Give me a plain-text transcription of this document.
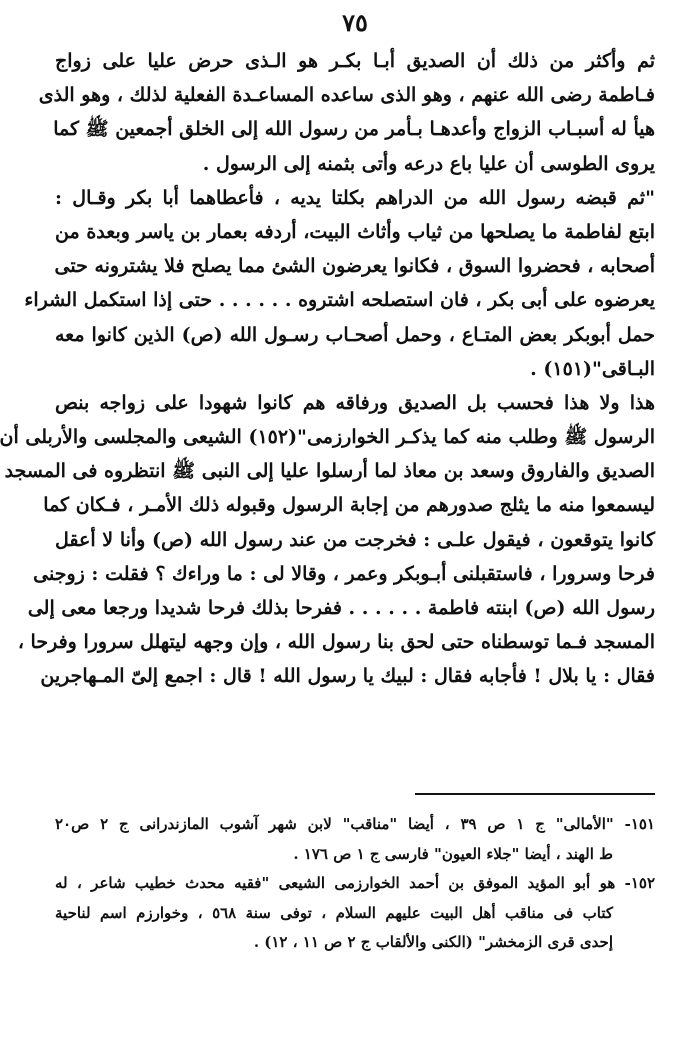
٧٥
ثم وأكثر من ذلك أن الصديق أبـا بكـر هو الـذى حرض عليا على زواج
فـاطمة رضى الله عنهم ، وهو الذى ساعده المساعـدة الفعلية لذلك ، وهو الذى
هيأ له أسبـاب الزواج وأعدهـا بـأمر من رسول الله إلى الخلق أجمعين ﷺ كما
يروى الطوسى أن عليا باع درعه وأتى بثمنه إلى الرسول .
"ثم قبضه رسول الله من الدراهم بكلتا يديه ، فأعطاهما أبا بكر وقـال :
ابتع لفاطمة ما يصلحها من ثياب وأثاث البيت، أردفه بعمار بن ياسر وبعدة من
أصحابه ، فحضروا السوق ، فكانوا يعرضون الشئ مما يصلح فلا يشترونه حتى
يعرضوه على أبى بكر ، فان استصلحه اشتروه . . . . . . حتى إذا استكمل الشراء
حمل أبوبكر بعض المتـاع ، وحمل أصحـاب رسـول الله (ص) الذين كانوا معه
البـاقى"(١٥١) .
هذا ولا هذا فحسب بل الصديق ورفاقه هم كانوا شهودا على زواجه بنص
الرسول ﷺ وطلب منه كما يذكـر الخوارزمى"(١٥٢) الشيعى والمجلسى والأربلى أن
الصديق والفاروق وسعد بن معاذ لما أرسلوا عليا إلى النبى ﷺ انتظروه فى المسجد
ليسمعوا منه ما يثلج صدورهم من إجابة الرسول وقبوله ذلك الأمـر ، فـكان كما
كانوا يتوقعون ، فيقول علـى : فخرجت من عند رسول الله (ص) وأنا لا أعقل
فرحا وسرورا ، فاستقبلنى أبـوبكر وعمر ، وقالا لى : ما وراءك ؟ فقلت : زوجنى
رسول الله (ص) ابنته فاطمة . . . . . . ففرحا بذلك فرحا شديدا ورجعا معى إلى
المسجد فـما توسطناه حتى لحق بنا رسول الله ، وإن وجهه ليتهلل سرورا وفرحا ،
فقال : يا بلال ! فأجابه فقال : لبيك يا رسول الله ! قال : اجمع إلىّ المـهاجرين
١٥١- "الأمالى" ج ١ ص ٣٩ ، أيضا "مناقب" لابن شهر آشوب المازندرانى ج ٢ ص٢٠
ط الهند ، أيضا "جلاء العيون" فارسى ج ١ ص ١٧٦ .
١٥٢- هو أبو المؤيد الموفق بن أحمد الخوارزمى الشيعى "فقيه محدث خطيب شاعر ، له
كتاب فى مناقب أهل البيت عليهم السلام ، توفى سنة ٥٦٨ ، وخوارزم اسم لناحية
إحدى قرى الزمخشر" (الكنى والألقاب ج ٢ ص ١١ ، ١٢) .
